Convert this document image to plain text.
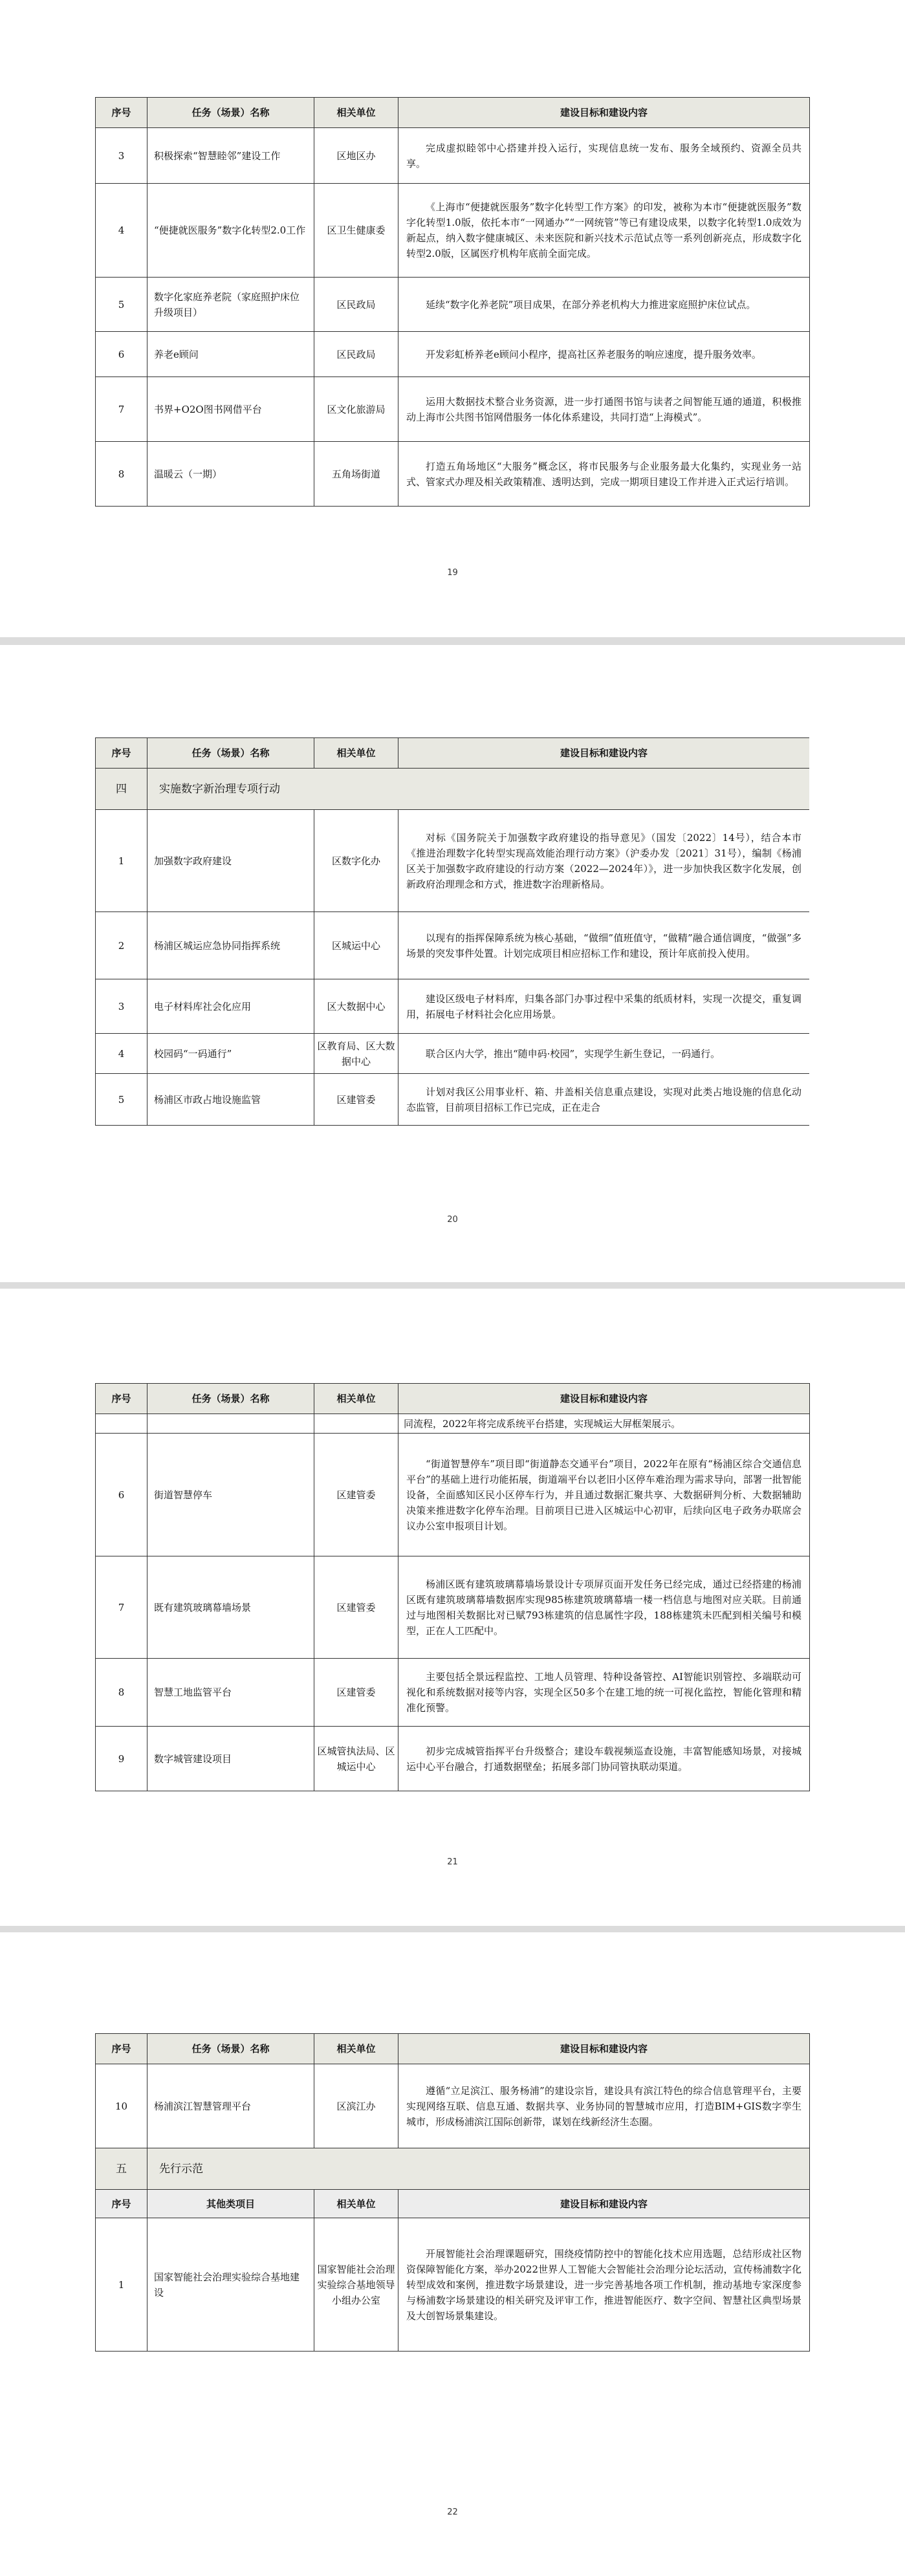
序号	任务（场景）名称	相关单位	建设目标和建设内容
3	积极探索“智慧睦邻”建设工作	区地区办	完成虚拟睦邻中心搭建并投入运行，实现信息统一发布、服务全域预约、资源全员共享。
4	“便捷就医服务”数字化转型2.0工作	区卫生健康委	《上海市“便捷就医服务”数字化转型工作方案》的印发，被称为本市“便捷就医服务”数字化转型1.0版，依托本市“一网通办”“一网统管”等已有建设成果，以数字化转型1.0成效为新起点，纳入数字健康城区、未来医院和新兴技术示范试点等一系列创新亮点，形成数字化转型2.0版，区属医疗机构年底前全面完成。
5	数字化家庭养老院（家庭照护床位升级项目）	区民政局	延续“数字化养老院”项目成果，在部分养老机构大力推进家庭照护床位试点。
6	养老e顾问	区民政局	开发彩虹桥养老e顾问小程序，提高社区养老服务的响应速度，提升服务效率。
7	书界+O2O图书网借平台	区文化旅游局	运用大数据技术整合业务资源，进一步打通图书馆与读者之间智能互通的通道，积极推动上海市公共图书馆网借服务一体化体系建设，共同打造“上海模式”。
8	温暖云（一期）	五角场街道	打造五角场地区“大服务”概念区，将市民服务与企业服务最大化集约，实现业务一站式、管家式办理及相关政策精准、透明达到，完成一期项目建设工作并进入正式运行培训。
19
序号	任务（场景）名称	相关单位	建设目标和建设内容
四	实施数字新治理专项行动		
1	加强数字政府建设	区数字化办	对标《国务院关于加强数字政府建设的指导意见》（国发〔2022〕14号），结合本市《推进治理数字化转型实现高效能治理行动方案》（沪委办发〔2021〕31号），编制《杨浦区关于加强数字政府建设的行动方案（2022—2024年）》，进一步加快我区数字化发展，创新政府治理理念和方式，推进数字治理新格局。
2	杨浦区城运应急协同指挥系统	区城运中心	以现有的指挥保障系统为核心基础，“做细”值班值守，“做精”融合通信调度，“做强”多场景的突发事件处置。计划完成项目相应招标工作和建设，预计年底前投入使用。
3	电子材料库社会化应用	区大数据中心	建设区级电子材料库，归集各部门办事过程中采集的纸质材料，实现一次提交，重复调用，拓展电子材料社会化应用场景。
4	校园码“一码通行”	区教育局、区大数据中心	联合区内大学，推出“随申码·校园”，实现学生新生登记，一码通行。
5	杨浦区市政占地设施监管	区建管委	计划对我区公用事业杆、箱、井盖相关信息重点建设，实现对此类占地设施的信息化动态监管，目前项目招标工作已完成，正在走合
20
序号	任务（场景）名称	相关单位	建设目标和建设内容
			同流程，2022年将完成系统平台搭建，实现城运大屏框架展示。
6	街道智慧停车	区建管委	“街道智慧停车”项目即“街道静态交通平台”项目，2022年在原有“杨浦区综合交通信息平台”的基础上进行功能拓展，街道端平台以老旧小区停车难治理为需求导向，部署一批智能设备，全面感知区民小区停车行为，并且通过数据汇聚共享、大数据研判分析、大数据辅助决策来推进数字化停车治理。目前项目已进入区城运中心初审，后续向区电子政务办联席会议办公室申报项目计划。
7	既有建筑玻璃幕墙场景	区建管委	杨浦区既有建筑玻璃幕墙场景设计专项屏页面开发任务已经完成，通过已经搭建的杨浦区既有建筑玻璃幕墙数据库实现985栋建筑玻璃幕墙一楼一档信息与地图对应关联。目前通过与地图相关数据比对已赋793栋建筑的信息属性字段，188栋建筑未匹配到相关编号和模型，正在人工匹配中。
8	智慧工地监管平台	区建管委	主要包括全景远程监控、工地人员管理、特种设备管控、AI智能识别管控、多端联动可视化和系统数据对接等内容，实现全区50多个在建工地的统一可视化监控，智能化管理和精准化预警。
9	数字城管建设项目	区城管执法局、区城运中心	初步完成城管指挥平台升级整合；建设车载视频巡查设施，丰富智能感知场景，对接城运中心平台融合，打通数据壁垒；拓展多部门协同管执联动渠道。
21
序号	任务（场景）名称	相关单位	建设目标和建设内容
10	杨浦滨江智慧管理平台	区滨江办	遵循“立足滨江、服务杨浦”的建设宗旨，建设具有滨江特色的综合信息管理平台，主要实现网络互联、信息互通、数据共享、业务协同的智慧城市应用，打造BIM+GIS数字孪生城市，形成杨浦滨江国际创新带，谋划在线新经济生态圈。
五	先行示范		
序号	其他类项目	相关单位	建设目标和建设内容
1	国家智能社会治理实验综合基地建设	国家智能社会治理实验综合基地领导小组办公室	开展智能社会治理课题研究，围绕疫情防控中的智能化技术应用选题，总结形成社区物资保障智能化方案，举办2022世界人工智能大会智能社会治理分论坛活动，宣传杨浦数字化转型成效和案例，推进数字场景建设，进一步完善基地各项工作机制，推动基地专家深度参与杨浦数字场景建设的相关研究及评审工作，推进智能医疗、数字空间、智慧社区典型场景及大创智场景集建设。
22
